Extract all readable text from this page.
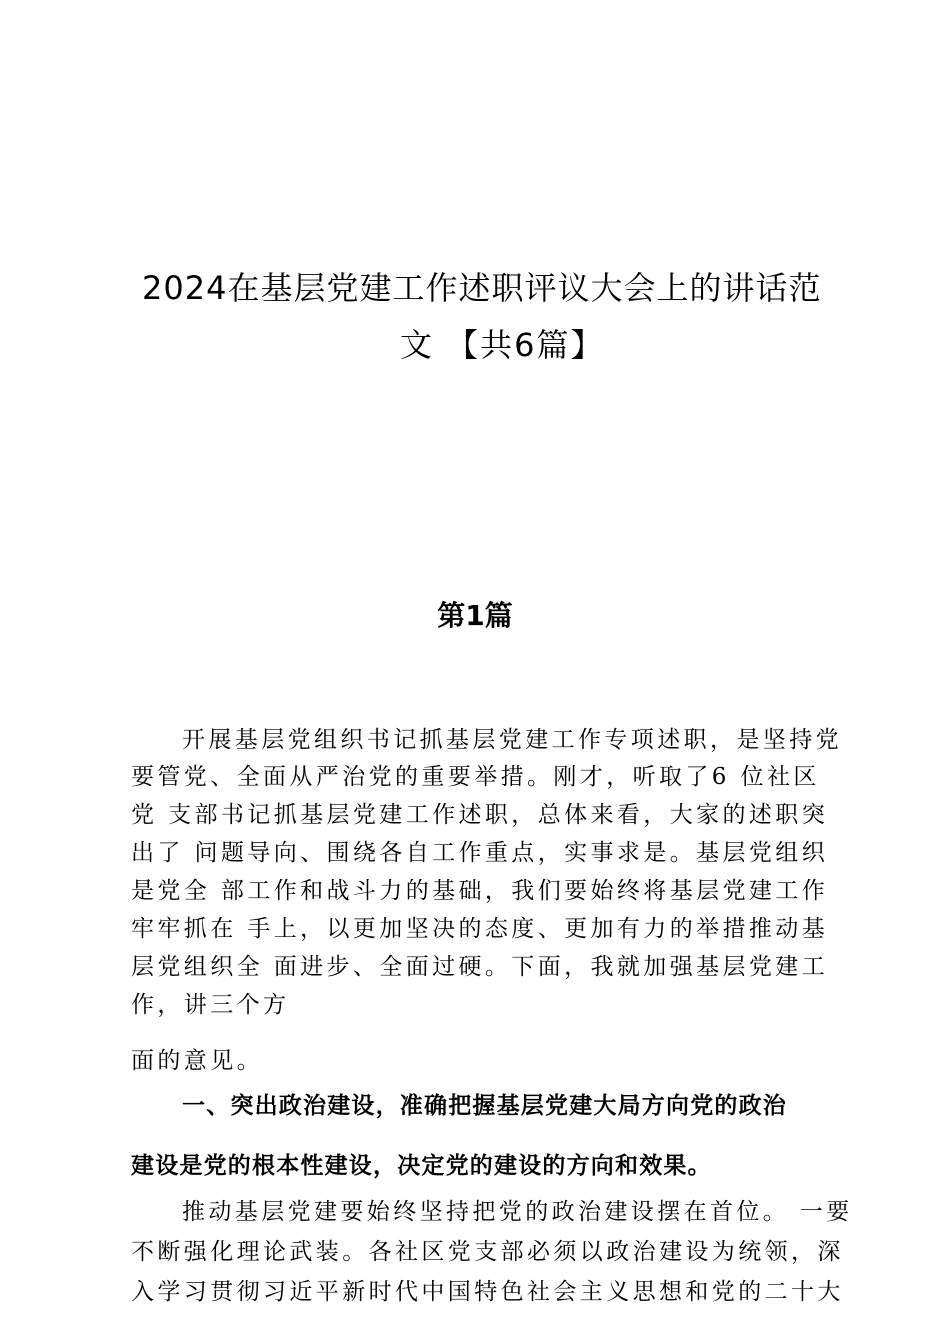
2024在基层党建工作述职评议大会上的讲话范
文 【共6篇】
第1篇
开展基层党组织书记抓基层党建工作专项述职，是坚持党
要管党、全面从严治党的重要举措。刚才，听取了6 位社区
党 支部书记抓基层党建工作述职，总体来看，大家的述职突
出了 问题导向、围绕各自工作重点，实事求是。基层党组织
是党全 部工作和战斗力的基础，我们要始终将基层党建工作
牢牢抓在 手上，以更加坚决的态度、更加有力的举措推动基
层党组织全 面进步、全面过硬。下面，我就加强基层党建工
作，讲三个方
面的意见。
一、突出政治建设，准确把握基层党建大局方向党的政治
建设是党的根本性建设，决定党的建设的方向和效果。
推动基层党建要始终坚持把党的政治建设摆在首位。 一要
不断强化理论武装。各社区党支部必须以政治建设为统领，深
入学习贯彻习近平新时代中国特色社会主义思想和党的二十大
